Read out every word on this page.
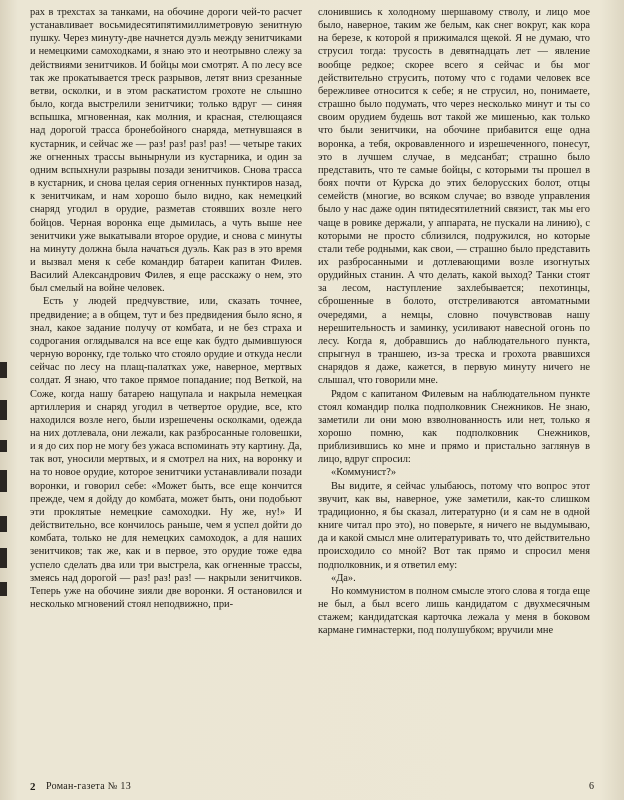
рах в трехстах за танками, на обочине дороги чей-то расчет устанавливает восьмидесятипятимиллиметровую зенитную пушку. Через минуту-две начнется дуэль между зенитчиками и немецкими самоходками, я знаю это и неотрывно слежу за действиями зенитчиков. И бойцы мои смотрят. А по лесу все так же прокатывается треск разрывов, летят вниз срезанные ветви, осколки, и в этом раскатистом грохоте не слышно было, когда выстрелили зенитчики; только вдруг — синяя вспышка, мгновенная, как молния, и красная, стелющаяся над дорогой трасса бронебойного снаряда, метнувшаяся в кустарник, и сейчас же — раз! раз! раз! раз! — четыре таких же огненных трассы вынырнули из кустарника, и один за одним вспыхнули разрывы позади зенитчиков. Снова трасса в кустарник, и снова целая серия огненных пунктиров назад, к зенитчикам, и нам хорошо было видно, как немецкий снаряд угодил в орудие, разметав стоявших возле него бойцов. Черная воронка еще дымилась, а чуть выше нее зенитчики уже выкатывали второе орудие, и снова с минуты на минуту должна была начаться дуэль. Как раз в это время и вызвал меня к себе командир батареи капитан Филев. Василий Александрович Филев, я еще расскажу о нем, это был смелый на войне человек.

Есть у людей предчувствие, или, сказать точнее, предвидение; а в общем, тут и без предвидения было ясно, я знал, какое задание получу от комбата, и не без страха и содрогания оглядывался на все еще как будто дымившуюся черную воронку, где только что стояло орудие и откуда несли сейчас по лесу на плащ-палатках уже, наверное, мертвых солдат. Я знаю, что такое прямое попадание; под Веткой, на Соже, когда нашу батарею нащупала и накрыла немецкая артиллерия и снаряд угодил в четвертое орудие, все, кто находился возле него, были изрешечены осколками, одежда на них дотлевала, они лежали, как разбросанные головешки, и я до сих пор не могу без ужаса вспоминать эту картину. Да, так вот, уносили мертвых, и я смотрел на них, на воронку и на то новое орудие, которое зенитчики устанавливали позади воронки, и говорил себе: «Может быть, все еще кончится прежде, чем я дойду до комбата, может быть, они подобьют эти проклятые немецкие самоходки. Ну же, ну!» И действительно, все кончилось раньше, чем я успел дойти до комбата, только не для немецких самоходок, а для наших зенитчиков; так же, как и в первое, это орудие тоже едва успело сделать два или три выстрела, как огненные трассы, змеясь над дорогой — раз! раз! раз! — накрыли зенитчиков. Теперь уже на обочине зияли две воронки. Я остановился и несколько мгновений стоял неподвижно, при-

слонившись к холодному шершавому стволу, и лицо мое было, наверное, таким же белым, как снег вокруг, как кора на березе, к которой я прижимался щекой. Я не думаю, что струсил тогда: трусость в девятнадцать лет — явление вообще редкое; скорее всего я сейчас и бы мог действительно струсить, потому что с годами человек все бережливее относится к себе; я не струсил, но, понимаете, страшно было подумать, что через несколько минут и ты со своим орудием будешь вот такой же мишенью, как только что были зенитчики, на обочине прибавится еще одна воронка, а тебя, окровавленного и изрешеченного, понесут, это в лучшем случае, в медсанбат; страшно было представить, что те самые бойцы, с которыми ты прошел в боях почти от Курска до этих белорусских болот, отцы семейств (многие, во всяком случае; во взводе управления было у нас даже один пятидесятилетний связист, так мы его чаще в ровике держали, у аппарата, не пускали на линию), с которыми не просто сблизился, подружился, но которые стали тебе родными, как свои, — страшно было представить их разбросанными и дотлевающими возле изогнутых орудийных станин. А что делать, какой выход? Танки стоят за лесом, наступление захлебывается; пехотинцы, сброшенные в болото, отстреливаются автоматными очередями, а немцы, словно почувствовав нашу нерешительность и заминку, усиливают навесной огонь по лесу. Когда я, добравшись до наблюдательного пункта, спрыгнул в траншею, из-за треска и грохота рвавшихся снарядов я даже, кажется, в первую минуту ничего не слышал, что говорили мне.

Рядом с капитаном Филевым на наблюдательном пункте стоял командир полка подполковник Снежников. Не знаю, заметили ли они мою взволнованность или нет, только я хорошо помню, как подполковник Снежников, приблизившись ко мне и прямо и пристально заглянув в лицо, вдруг спросил:

«Коммунист?»

Вы видите, я сейчас улыбаюсь, потому что вопрос этот звучит, как вы, наверное, уже заметили, как-то слишком традиционно, я бы сказал, литературно (и я сам не в одной книге читал про это), но поверьте, я ничего не выдумываю, да и какой смысл мне олитературивать то, что действительно происходило со мной? Вот так прямо и спросил меня подполковник, и я ответил ему:

«Да».

Но коммунистом в полном смысле этого слова я тогда еще не был, а был всего лишь кандидатом с двухмесячным стажем; кандидатская карточка лежала у меня в боковом кармане гимнастерки, под полушубком; вручили мне

2 Роман-газета № 13	6
